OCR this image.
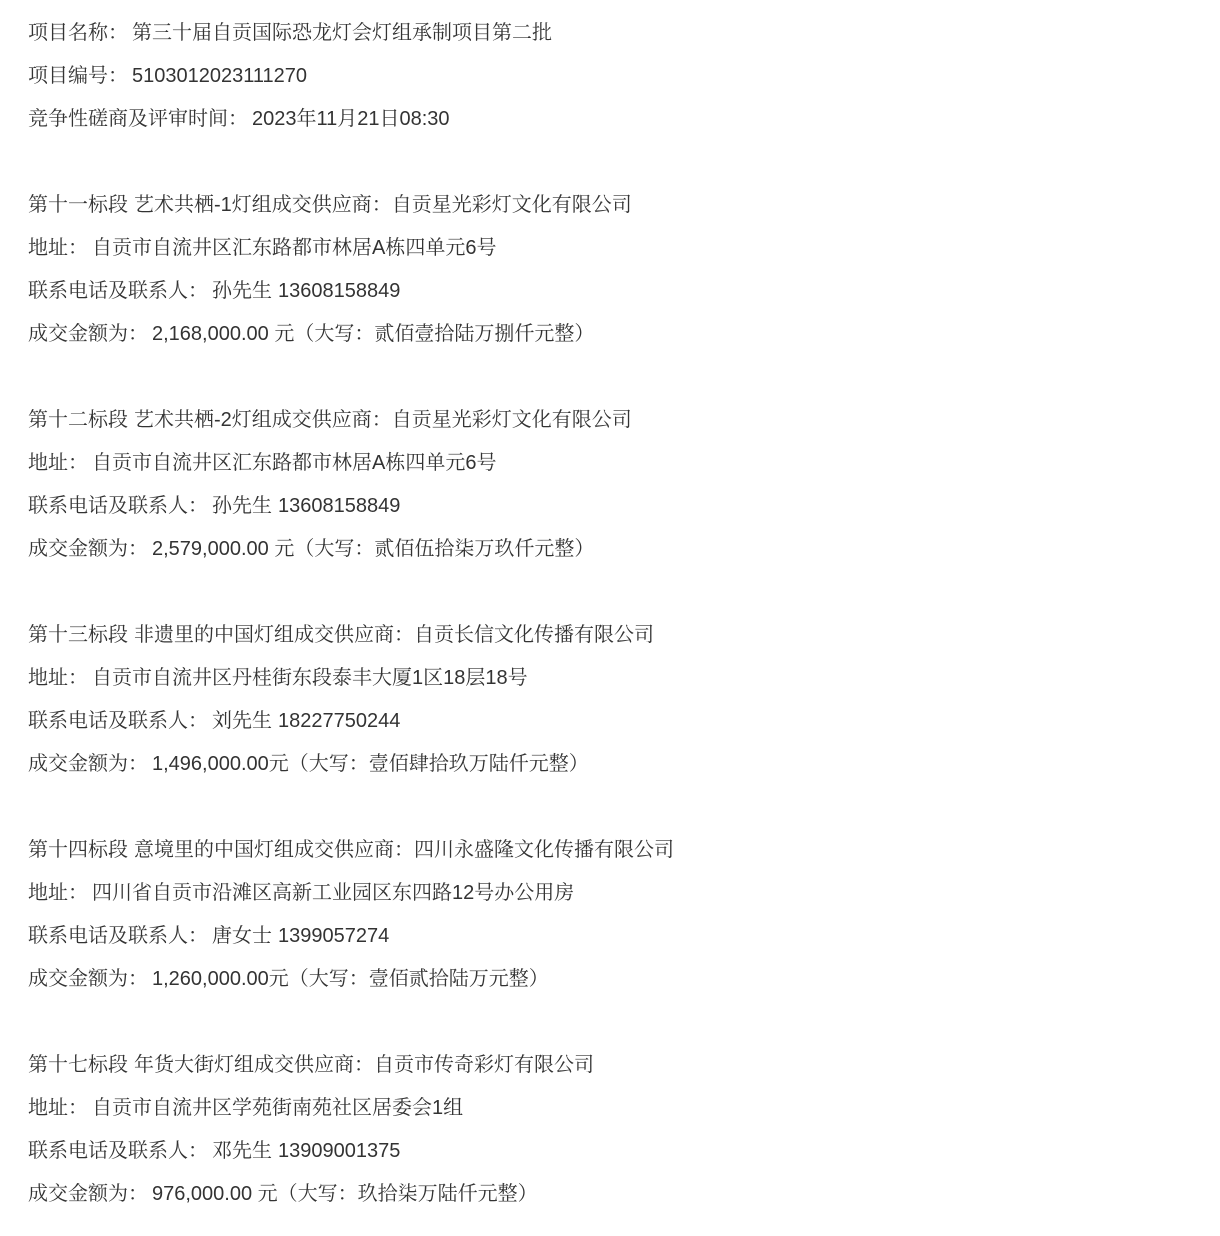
项目名称： 第三十届自贡国际恐龙灯会灯组承制项目第二批

项目编号： 5103012023111270

竞争性磋商及评审时间： 2023年11月21日08:30

第十一标段 艺术共栖-1灯组成交供应商：自贡星光彩灯文化有限公司

地址： 自贡市自流井区汇东路都市林居A栋四单元6号

联系电话及联系人： 孙先生 13608158849

成交金额为： 2,168,000.00 元（大写：贰佰壹拾陆万捌仟元整）

第十二标段 艺术共栖-2灯组成交供应商：自贡星光彩灯文化有限公司

地址： 自贡市自流井区汇东路都市林居A栋四单元6号

联系电话及联系人： 孙先生 13608158849

成交金额为： 2,579,000.00 元（大写：贰佰伍拾柒万玖仟元整）

第十三标段 非遗里的中国灯组成交供应商：自贡长信文化传播有限公司

地址： 自贡市自流井区丹桂街东段泰丰大厦1区18层18号

联系电话及联系人： 刘先生 18227750244

成交金额为： 1,496,000.00元（大写：壹佰肆拾玖万陆仟元整）

第十四标段 意境里的中国灯组成交供应商：四川永盛隆文化传播有限公司

地址： 四川省自贡市沿滩区高新工业园区东四路12号办公用房

联系电话及联系人： 唐女士 1399057274

成交金额为： 1,260,000.00元（大写：壹佰贰拾陆万元整）

第十七标段 年货大街灯组成交供应商：自贡市传奇彩灯有限公司

地址： 自贡市自流井区学苑街南苑社区居委会1组

联系电话及联系人： 邓先生 13909001375

成交金额为： 976,000.00 元（大写：玖拾柒万陆仟元整）
